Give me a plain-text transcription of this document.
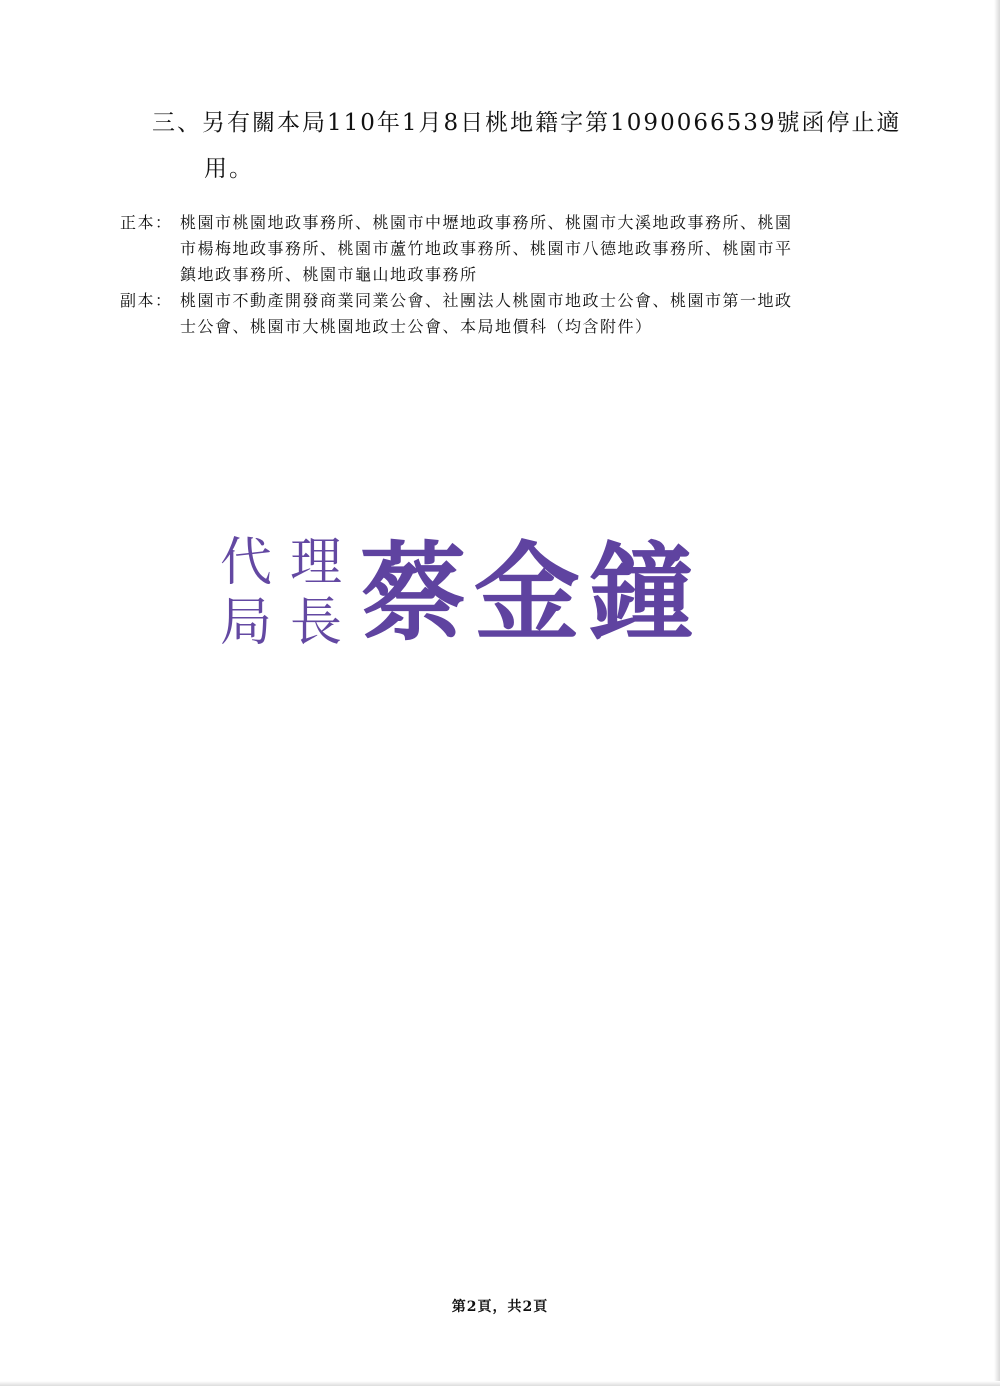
三、另有關本局110年1月8日桃地籍字第1090066539號函停止適
用。
正本： 桃園市桃園地政事務所、桃園市中壢地政事務所、桃園市大溪地政事務所、桃園
市楊梅地政事務所、桃園市蘆竹地政事務所、桃園市八德地政事務所、桃園市平
鎮地政事務所、桃園市龜山地政事務所
副本： 桃園市不動產開發商業同業公會、社團法人桃園市地政士公會、桃園市第一地政
士公會、桃園市大桃園地政士公會、本局地價科（均含附件）
代 理
局 長 蔡金鐘
第2頁，共2頁
